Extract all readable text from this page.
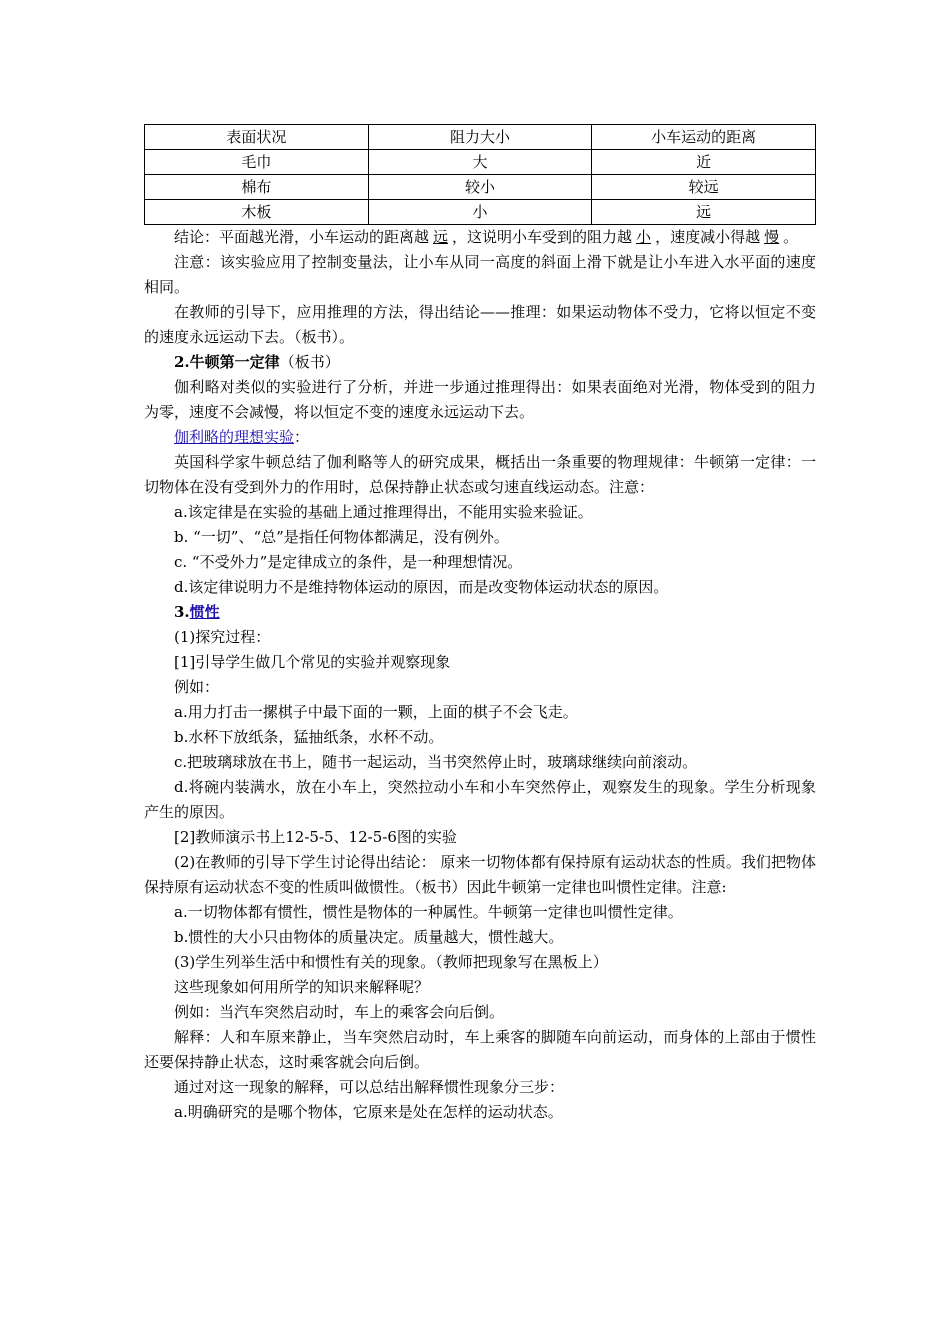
表面状况	阻力大小	小车运动的距离
毛巾	大	近
棉布	较小	较远
木板	小	远

结论：平面越光滑，小车运动的距离越 远 ，这说明小车受到的阻力越 小 ，速度减小得越 慢 。

注意：该实验应用了控制变量法，让小车从同一高度的斜面上滑下就是让小车进入水平面的速度相同。

在教师的引导下，应用推理的方法，得出结论——推理：如果运动物体不受力，它将以恒定不变的速度永远运动下去。（板书）。

2.牛顿第一定律（板书）

伽利略对类似的实验进行了分析，并进一步通过推理得出：如果表面绝对光滑，物体受到的阻力为零，速度不会减慢，将以恒定不变的速度永远运动下去。

伽利略的理想实验：

英国科学家牛顿总结了伽利略等人的研究成果，概括出一条重要的物理规律：牛顿第一定律：一切物体在没有受到外力的作用时，总保持静止状态或匀速直线运动态。注意：

a.该定律是在实验的基础上通过推理得出，不能用实验来验证。

b. “一切”、“总”是指任何物体都满足，没有例外。

c. “不受外力”是定律成立的条件，是一种理想情况。

d.该定律说明力不是维持物体运动的原因，而是改变物体运动状态的原因。

3.惯性

(1)探究过程：

[1]引导学生做几个常见的实验并观察现象

例如：

a.用力打击一摞棋子中最下面的一颗，上面的棋子不会飞走。

b.水杯下放纸条，猛抽纸条，水杯不动。

c.把玻璃球放在书上，随书一起运动，当书突然停止时，玻璃球继续向前滚动。

d.将碗内装满水，放在小车上，突然拉动小车和小车突然停止，观察发生的现象。学生分析现象产生的原因。

[2]教师演示书上12-5-5、12-5-6图的实验

(2)在教师的引导下学生讨论得出结论： 原来一切物体都有保持原有运动状态的性质。我们把物体保持原有运动状态不变的性质叫做惯性。（板书）因此牛顿第一定律也叫惯性定律。注意:

a.一切物体都有惯性，惯性是物体的一种属性。牛顿第一定律也叫惯性定律。

b.惯性的大小只由物体的质量决定。质量越大，惯性越大。

(3)学生列举生活中和惯性有关的现象。（教师把现象写在黑板上）

这些现象如何用所学的知识来解释呢？

例如：当汽车突然启动时，车上的乘客会向后倒。

解释：人和车原来静止，当车突然启动时，车上乘客的脚随车向前运动，而身体的上部由于惯性还要保持静止状态，这时乘客就会向后倒。

通过对这一现象的解释，可以总结出解释惯性现象分三步：

a.明确研究的是哪个物体，它原来是处在怎样的运动状态。
